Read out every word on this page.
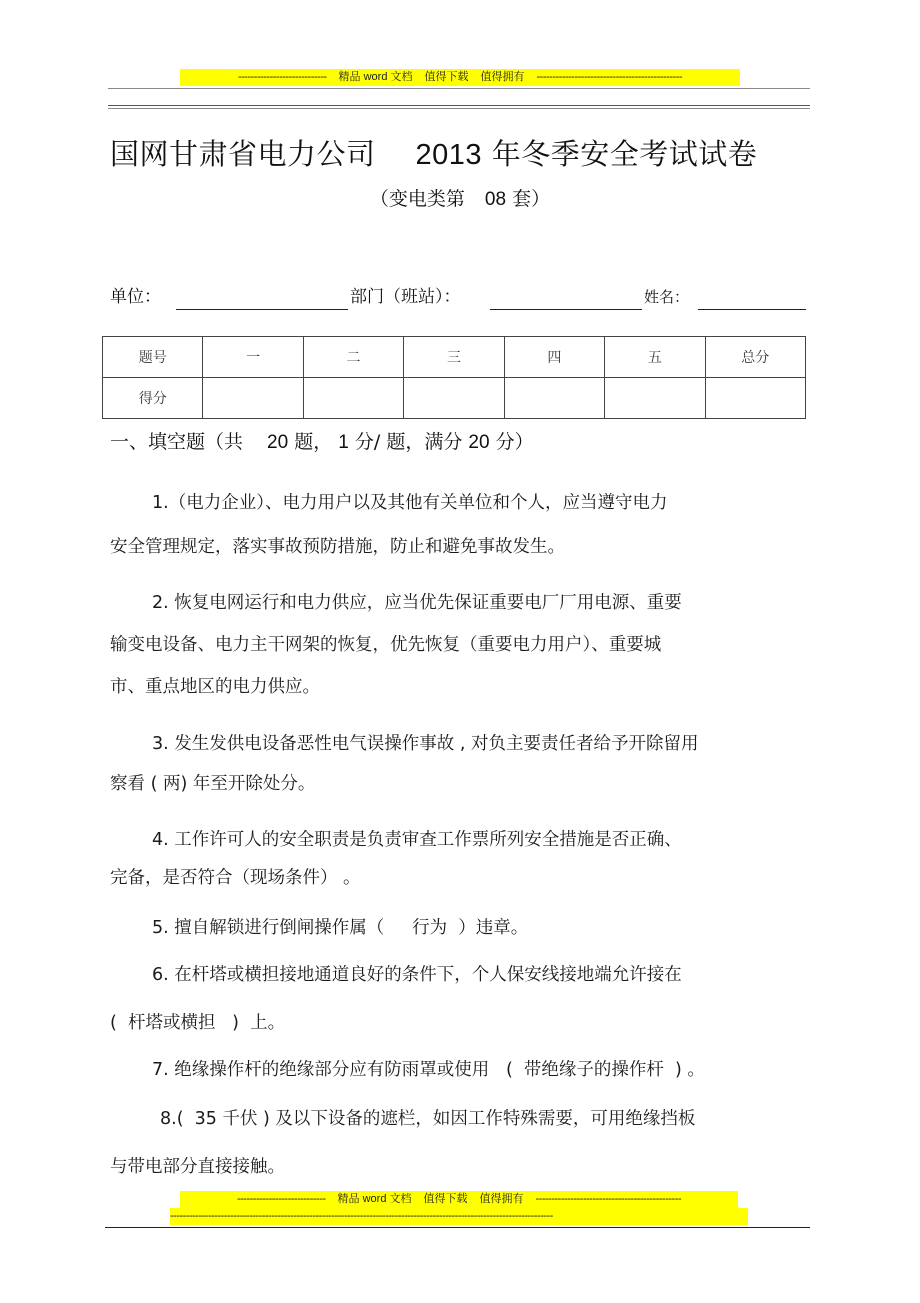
---------------------------- 精品 word 文档 值得下载 值得拥有 ----------------------------------------------
国网甘肃省电力公司 2013 年冬季安全考试试卷
（变电类第 08 套）
单位：	部门（班站）：	姓名：
题号	一	二	三	四	五	总分
得分						
一、填空题（共 20 题， 1 分/ 题，满分 20 分）
1.（电力企业）、电力用户以及其他有关单位和个人，应当遵守电力
安全管理规定，落实事故预防措施，防止和避免事故发生。
2. 恢复电网运行和电力供应，应当优先保证重要电厂厂用电源、重要
输变电设备、电力主干网架的恢复，优先恢复（重要电力用户）、重要城
市、重点地区的电力供应。
3. 发生发供电设备恶性电气误操作事故 , 对负主要责任者给予开除留用
察看 ( 两) 年至开除处分。
4. 工作许可人的安全职责是负责审查工作票所列安全措施是否正确、
完备，是否符合（现场条件） 。
5. 擅自解锁进行倒闸操作属（     行为  ）违章。
6. 在杆塔或横担接地通道良好的条件下，个人保安线接地端允许接在
(  杆塔或横担   )  上。
7. 绝缘操作杆的绝缘部分应有防雨罩或使用   (  带绝缘子的操作杆  ) 。
8.(  35 千伏 ) 及以下设备的遮栏，如因工作特殊需要，可用绝缘挡板
与带电部分直接接触。
---------------------------- 精品 word 文档 值得下载 值得拥有 ----------------------------------------------
-------------------------------------------------------------------------------------------------------------------------
